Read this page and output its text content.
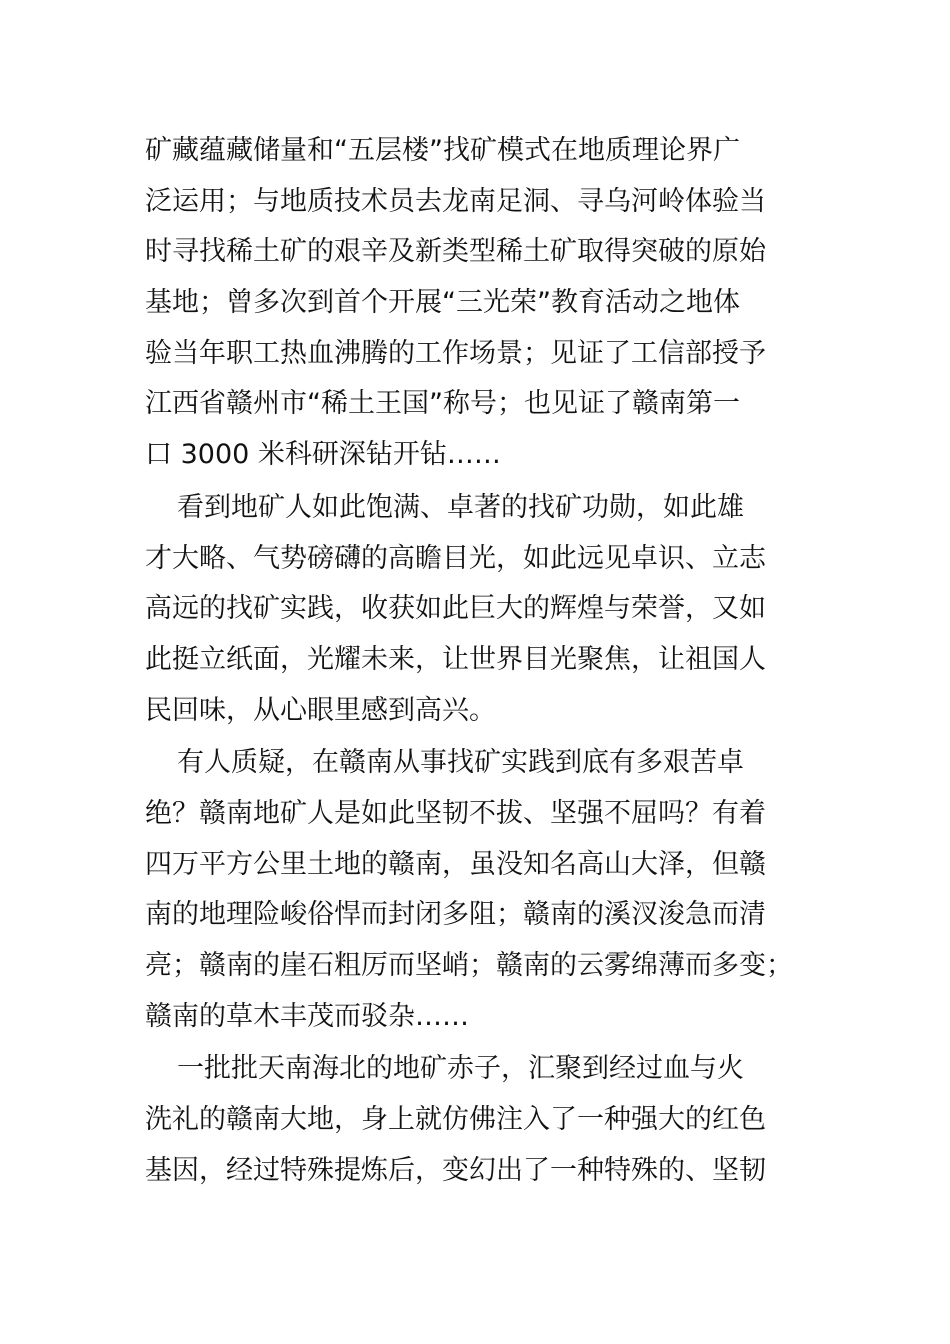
矿藏蕴藏储量和“五层楼”找矿模式在地质理论界广
泛运用；与地质技术员去龙南足洞、寻乌河岭体验当
时寻找稀土矿的艰辛及新类型稀土矿取得突破的原始
基地；曾多次到首个开展“三光荣”教育活动之地体
验当年职工热血沸腾的工作场景；见证了工信部授予
江西省赣州市“稀土王国”称号；也见证了赣南第一
口 3000 米科研深钻开钻……
看到地矿人如此饱满、卓著的找矿功勋，如此雄
才大略、气势磅礴的高瞻目光，如此远见卓识、立志
高远的找矿实践，收获如此巨大的辉煌与荣誉，又如
此挺立纸面，光耀未来，让世界目光聚焦，让祖国人
民回味，从心眼里感到高兴。
有人质疑，在赣南从事找矿实践到底有多艰苦卓
绝？赣南地矿人是如此坚韧不拔、坚强不屈吗？有着
四万平方公里土地的赣南，虽没知名高山大泽，但赣
南的地理险峻俗悍而封闭多阻；赣南的溪汊浚急而清
亮；赣南的崖石粗厉而坚峭；赣南的云雾绵薄而多变；
赣南的草木丰茂而驳杂……
一批批天南海北的地矿赤子，汇聚到经过血与火
洗礼的赣南大地，身上就仿佛注入了一种强大的红色
基因，经过特殊提炼后，变幻出了一种特殊的、坚韧
